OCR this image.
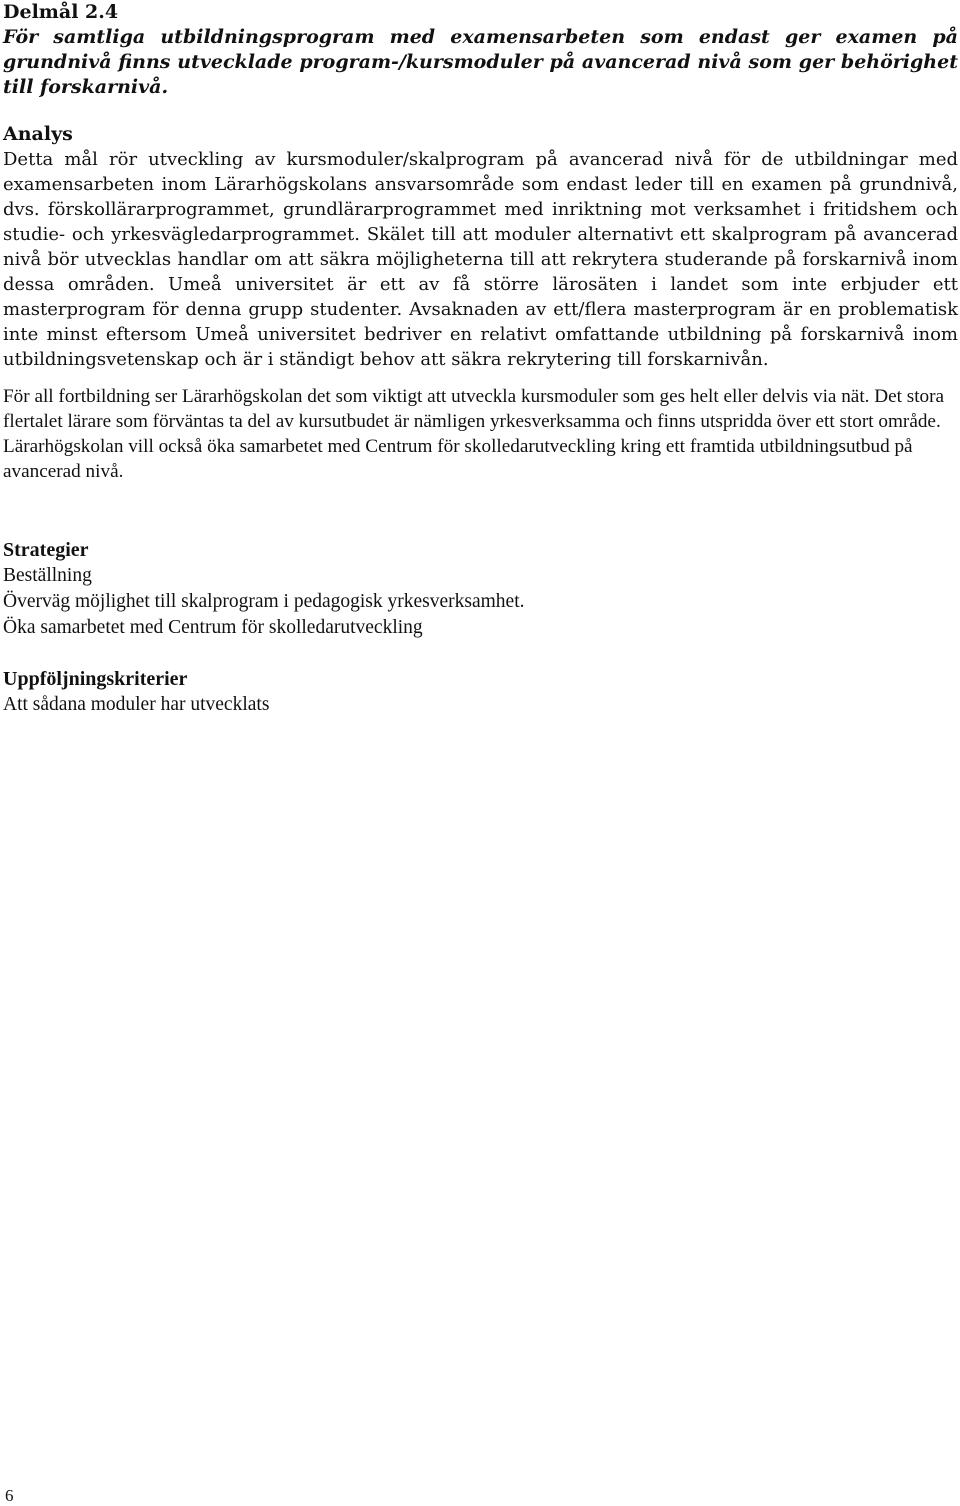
Delmål 2.4

För samtliga utbildningsprogram med examensarbeten som endast ger examen på grundnivå finns utvecklade program-/kursmoduler på avancerad nivå som ger behörighet till forskarnivå.

Analys

Detta mål rör utveckling av kursmoduler/skalprogram på avancerad nivå för de utbildningar med examensarbeten inom Lärarhögskolans ansvarsområde som endast leder till en examen på grundnivå, dvs. förskollärarprogrammet, grundlärarprogrammet med inriktning mot verksamhet i fritidshem och studie- och yrkesvägledarprogrammet. Skälet till att moduler alternativt ett skalprogram på avancerad nivå bör utvecklas handlar om att säkra möjligheterna till att rekrytera studerande på forskarnivå inom dessa områden. Umeå universitet är ett av få större lärosäten i landet som inte erbjuder ett masterprogram för denna grupp studenter. Avsaknaden av ett/flera masterprogram är en problematisk inte minst eftersom Umeå universitet bedriver en relativt omfattande utbildning på forskarnivå inom utbildningsvetenskap och är i ständigt behov att säkra rekrytering till forskarnivån.

För all fortbildning ser Lärarhögskolan det som viktigt att utveckla kursmoduler som ges helt eller delvis via nät. Det stora flertalet lärare som förväntas ta del av kursutbudet är nämligen yrkesverksamma och finns utspridda över ett stort område. Lärarhögskolan vill också öka samarbetet med Centrum för skolledarutveckling kring ett framtida utbildningsutbud på avancerad nivå.

Strategier

Beställning

Överväg möjlighet till skalprogram i pedagogisk yrkesverksamhet.

Öka samarbetet med Centrum för skolledarutveckling

Uppföljningskriterier

Att sådana moduler har utvecklats

6
